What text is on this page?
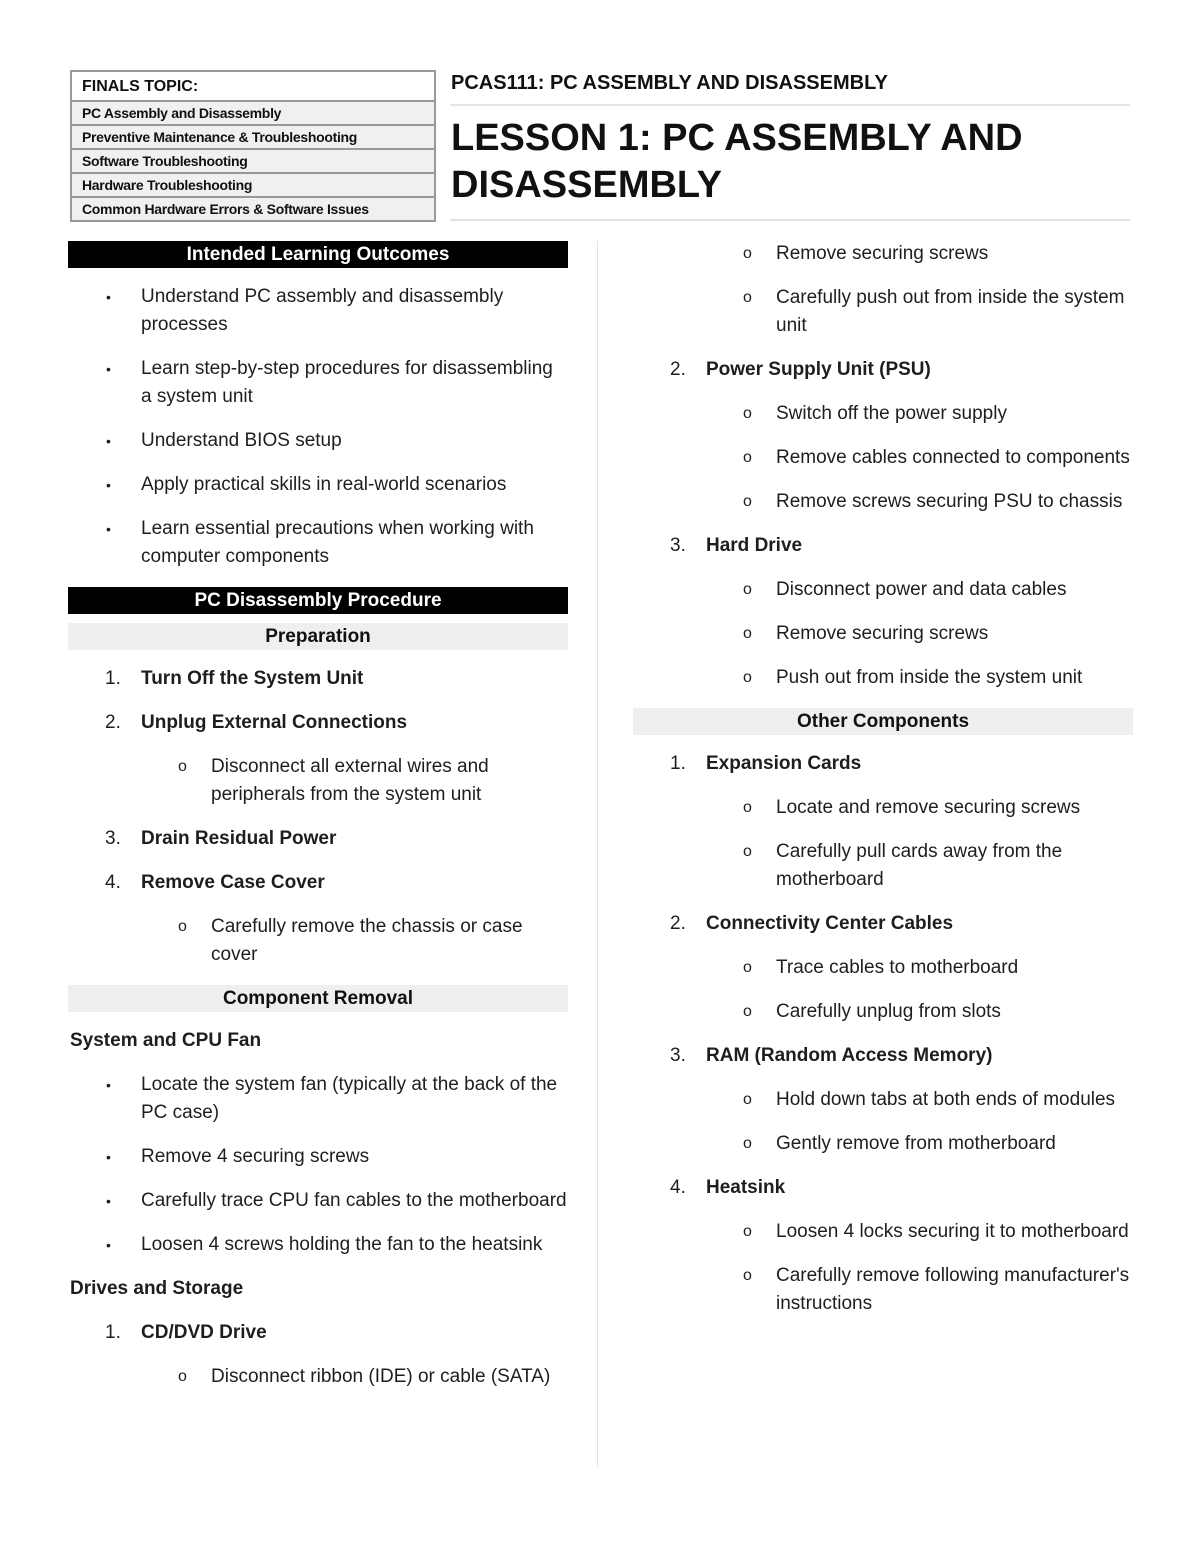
FINALS TOPIC:
PC Assembly and Disassembly
Preventive Maintenance & Troubleshooting
Software Troubleshooting
Hardware Troubleshooting
Common Hardware Errors & Software Issues
PCAS111: PC ASSEMBLY AND DISASSEMBLY
LESSON 1: PC ASSEMBLY AND DISASSEMBLY
Intended Learning Outcomes
• Understand PC assembly and disassembly processes
• Learn step-by-step procedures for disassembling a system unit
• Understand BIOS setup
• Apply practical skills in real-world scenarios
• Learn essential precautions when working with computer components
PC Disassembly Procedure
Preparation
1. Turn Off the System Unit
2. Unplug External Connections
o Disconnect all external wires and peripherals from the system unit
3. Drain Residual Power
4. Remove Case Cover
o Carefully remove the chassis or case cover
Component Removal
System and CPU Fan
• Locate the system fan (typically at the back of the PC case)
• Remove 4 securing screws
• Carefully trace CPU fan cables to the motherboard
• Loosen 4 screws holding the fan to the heatsink
Drives and Storage
1. CD/DVD Drive
o Disconnect ribbon (IDE) or cable (SATA)
o Remove securing screws
o Carefully push out from inside the system unit
2. Power Supply Unit (PSU)
o Switch off the power supply
o Remove cables connected to components
o Remove screws securing PSU to chassis
3. Hard Drive
o Disconnect power and data cables
o Remove securing screws
o Push out from inside the system unit
Other Components
1. Expansion Cards
o Locate and remove securing screws
o Carefully pull cards away from the motherboard
2. Connectivity Center Cables
o Trace cables to motherboard
o Carefully unplug from slots
3. RAM (Random Access Memory)
o Hold down tabs at both ends of modules
o Gently remove from motherboard
4. Heatsink
o Loosen 4 locks securing it to motherboard
o Carefully remove following manufacturer's instructions
